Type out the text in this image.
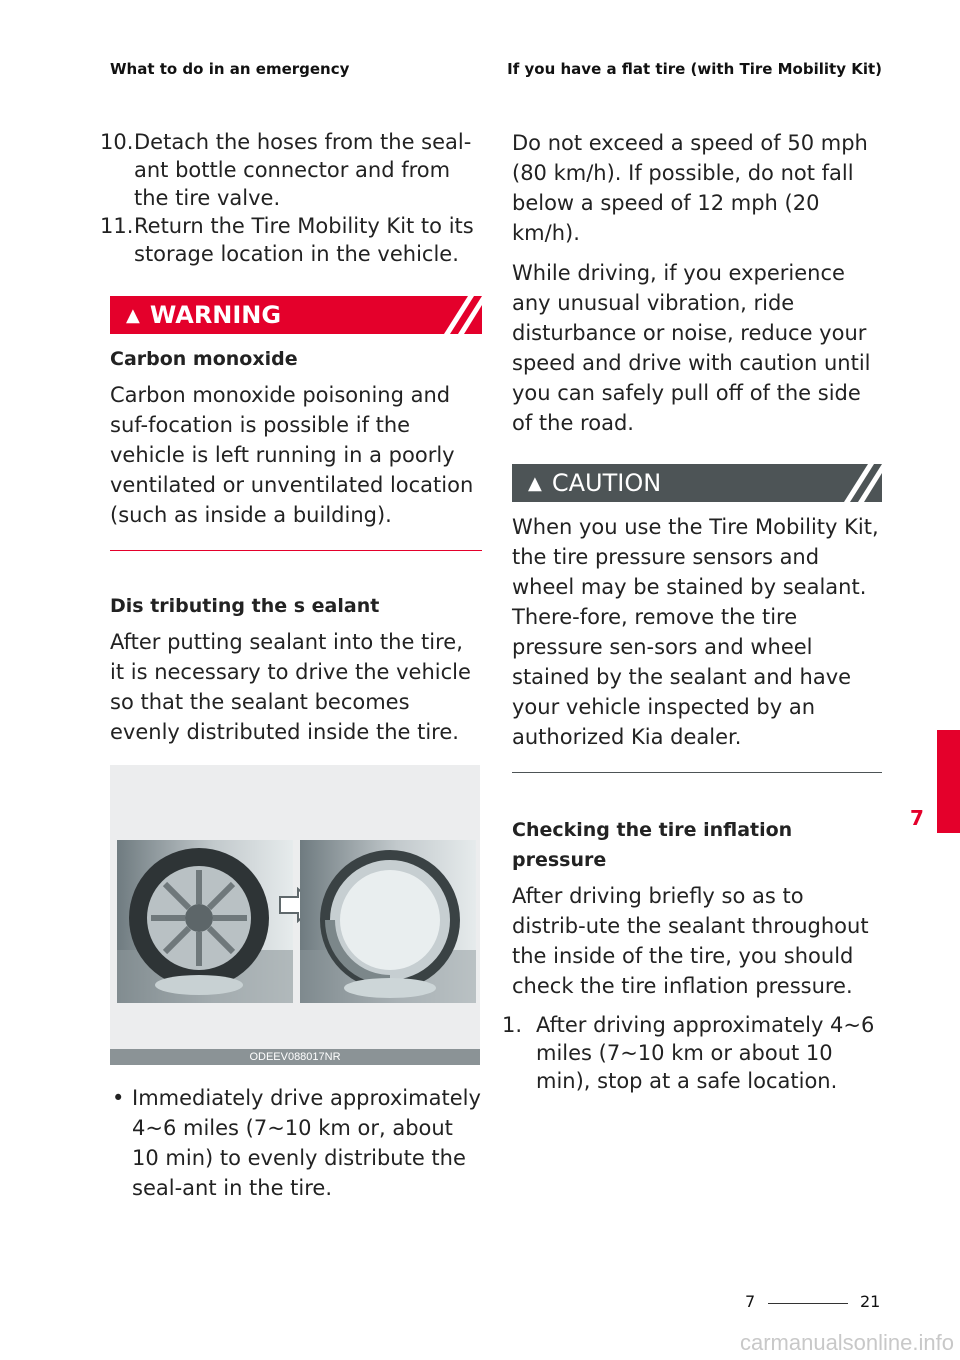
What to do in an emergency	If you have a flat tire (with Tire Mobility Kit)
10. Detach the hoses from the seal-ant bottle connector and from the tire valve.
11. Return the Tire Mobility Kit to its storage location in the vehicle.
▲ WARNING
Carbon monoxide

Carbon monoxide poisoning and suf-focation is possible if the vehicle is left running in a poorly ventilated or unventilated location (such as inside a building).

Dis tributing the s ealant

After putting sealant into the tire, it is necessary to drive the vehicle so that the sealant becomes evenly distributed inside the tire.

ODEEV088017NR
• Immediately drive approximately 4~6 miles (7~10 km or, about 10 min) to evenly distribute the seal-ant in the tire.

Do not exceed a speed of 50 mph (80 km/h). If possible, do not fall below a speed of 12 mph (20 km/h).

While driving, if you experience any unusual vibration, ride disturbance or noise, reduce your speed and drive with caution until you can safely pull off of the side of the road.

▲ CAUTION

When you use the Tire Mobility Kit, the tire pressure sensors and wheel may be stained by sealant. There-fore, remove the tire pressure sen-sors and wheel stained by the sealant and have your vehicle inspected by an authorized Kia dealer.

Checking the tire inflation pressure

After driving briefly so as to distrib-ute the sealant throughout the inside of the tire, you should check the tire inflation pressure.

1. After driving approximately 4~6 miles (7~10 km or about 10 min), stop at a safe location.
7
7	21
carmanualsonline.info
